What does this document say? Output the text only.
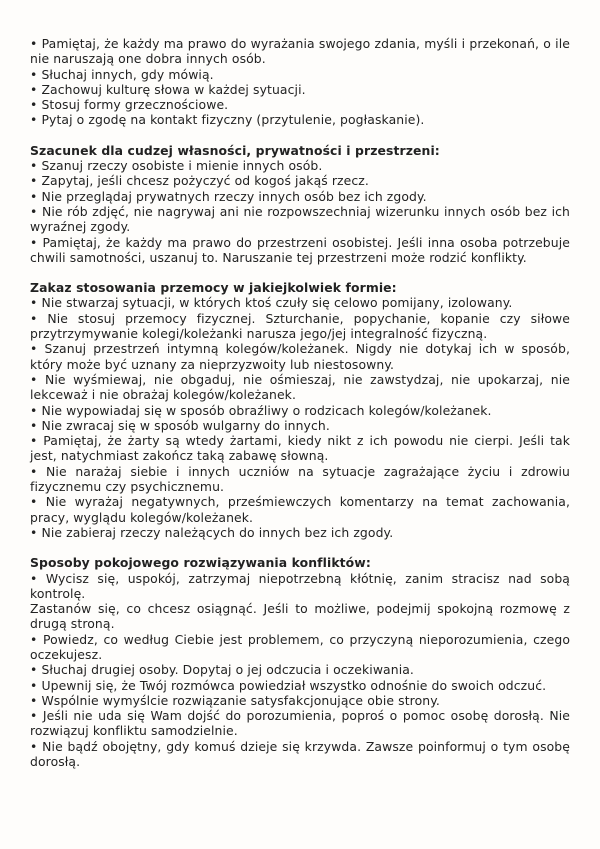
• Pamiętaj, że każdy ma prawo do wyrażania swojego zdania, myśli i przekonań, o ile nie naruszają one dobra innych osób.
• Słuchaj innych, gdy mówią.
• Zachowuj kulturę słowa w każdej sytuacji.
• Stosuj formy grzecznościowe.
• Pytaj o zgodę na kontakt fizyczny (przytulenie, pogłaskanie).

Szacunek dla cudzej własności, prywatności i przestrzeni:

• Szanuj rzeczy osobiste i mienie innych osób.
• Zapytaj, jeśli chcesz pożyczyć od kogoś jakąś rzecz.
• Nie przeglądaj prywatnych rzeczy innych osób bez ich zgody.
• Nie rób zdjęć, nie nagrywaj ani nie rozpowszechniaj wizerunku innych osób bez ich wyraźnej zgody.
• Pamiętaj, że każdy ma prawo do przestrzeni osobistej. Jeśli inna osoba potrzebuje chwili samotności, uszanuj to. Naruszanie tej przestrzeni może rodzić konflikty.

Zakaz stosowania przemocy w jakiejkolwiek formie:

• Nie stwarzaj sytuacji, w których ktoś czuły się celowo pomijany, izolowany.
• Nie stosuj przemocy fizycznej. Szturchanie, popychanie, kopanie czy siłowe przytrzymywanie kolegi/koleżanki narusza jego/jej integralność fizyczną.
• Szanuj przestrzeń intymną kolegów/koleżanek. Nigdy nie dotykaj ich w sposób, który może być uznany za nieprzyzwoity lub niestosowny.
• Nie wyśmiewaj, nie obgaduj, nie ośmieszaj, nie zawstydzaj, nie upokarzaj, nie lekceważ i nie obrażaj kolegów/koleżanek.
• Nie wypowiadaj się w sposób obraźliwy o rodzicach kolegów/koleżanek.
• Nie zwracaj się w sposób wulgarny do innych.
• Pamiętaj, że żarty są wtedy żartami, kiedy nikt z ich powodu nie cierpi. Jeśli tak jest, natychmiast zakończ taką zabawę słowną.
• Nie narażaj siebie i innych uczniów na sytuacje zagrażające życiu i zdrowiu fizycznemu czy psychicznemu.
• Nie wyrażaj negatywnych, prześmiewczych komentarzy na temat zachowania, pracy, wyglądu kolegów/koleżanek.
• Nie zabieraj rzeczy należących do innych bez ich zgody.

Sposoby pokojowego rozwiązywania konfliktów:

• Wycisz się, uspokój, zatrzymaj niepotrzebną kłótnię, zanim stracisz nad sobą kontrolę.
Zastanów się, co chcesz osiągnąć. Jeśli to możliwe, podejmij spokojną rozmowę z drugą stroną.
• Powiedz, co według Ciebie jest problemem, co przyczyną nieporozumienia, czego oczekujesz.
• Słuchaj drugiej osoby. Dopytaj o jej odczucia i oczekiwania.
• Upewnij się, że Twój rozmówca powiedział wszystko odnośnie do swoich odczuć.
• Wspólnie wymyślcie rozwiązanie satysfakcjonujące obie strony.
• Jeśli nie uda się Wam dojść do porozumienia, poproś o pomoc osobę dorosłą. Nie rozwiązuj konfliktu samodzielnie.
• Nie bądź obojętny, gdy komuś dzieje się krzywda. Zawsze poinformuj o tym osobę dorosłą.
